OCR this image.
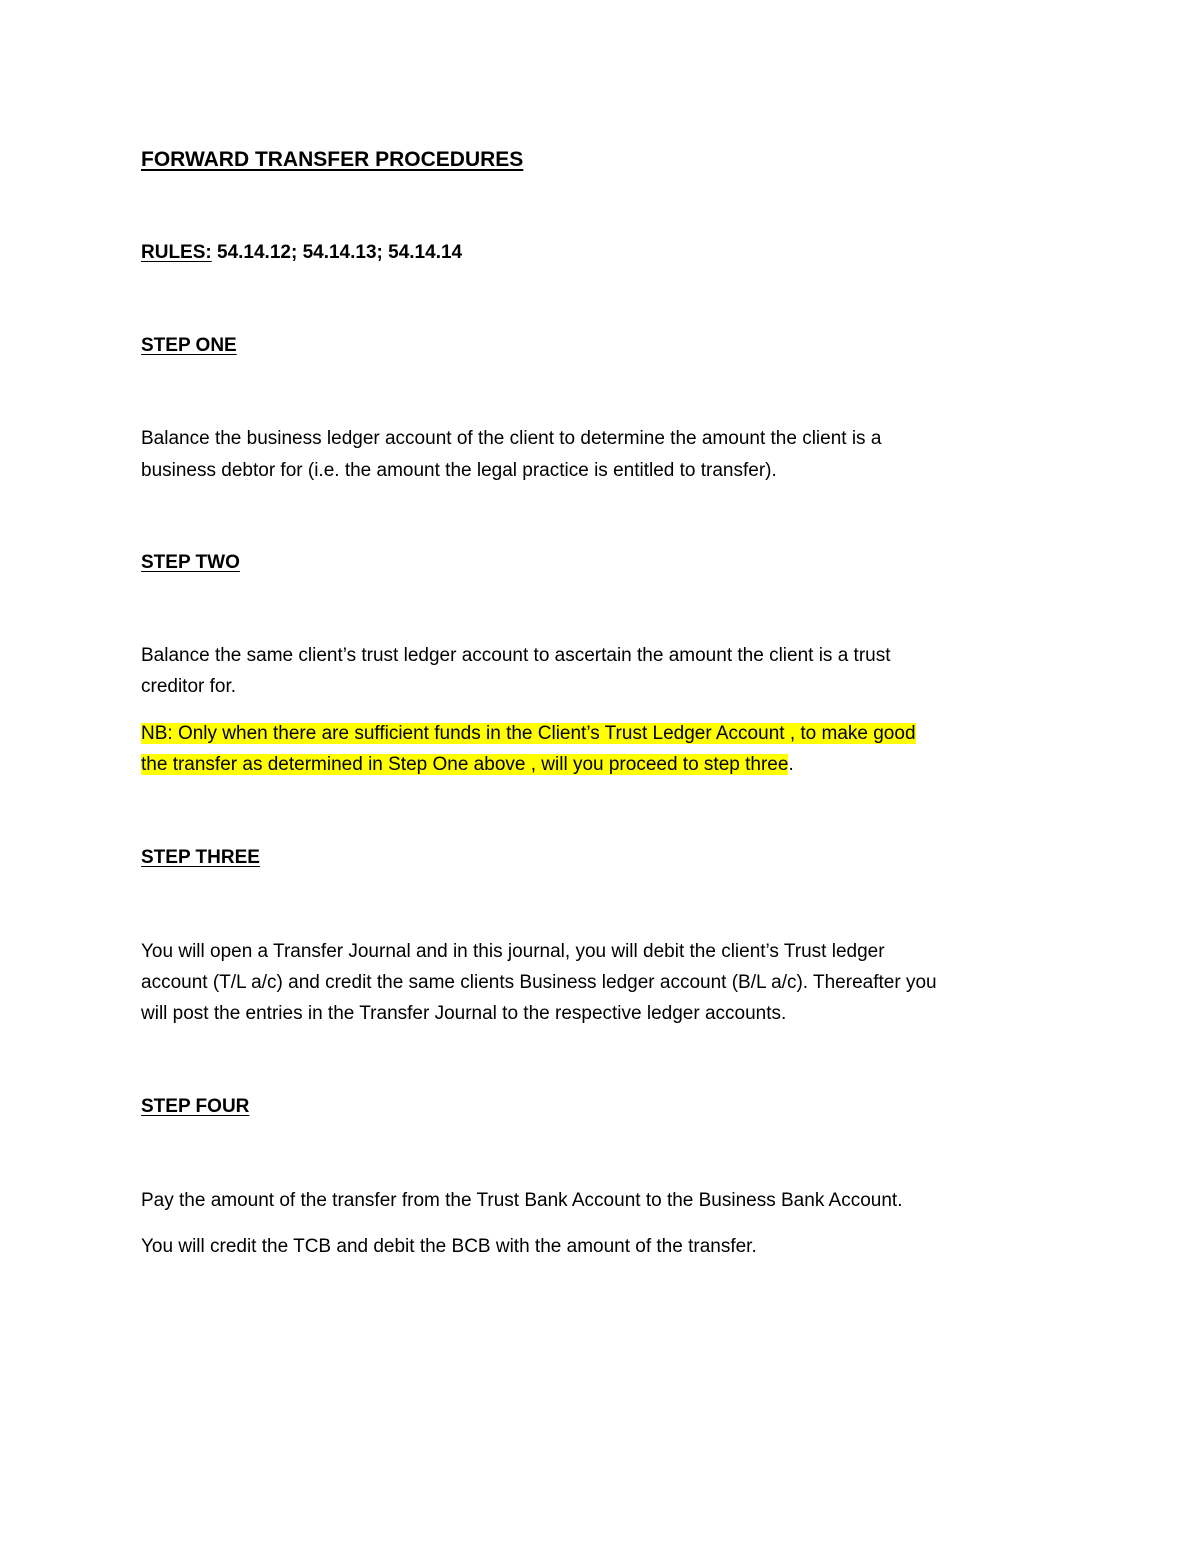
FORWARD TRANSFER PROCEDURES
RULES: 54.14.12; 54.14.13; 54.14.14
STEP ONE
Balance the business ledger account of the client to determine the amount the client is a
business debtor for (i.e. the amount the legal practice is entitled to transfer).
STEP TWO
Balance the same client’s trust ledger account to ascertain the amount the client is a trust
creditor for.
NB: Only when there are sufficient funds in the Client’s Trust Ledger Account , to make good
the transfer as determined in Step One above , will you proceed to step three.
STEP THREE
You will open a Transfer Journal and in this journal, you will debit the client’s Trust ledger
account (T/L a/c) and credit the same clients Business ledger account (B/L a/c). Thereafter you
will post the entries in the Transfer Journal to the respective ledger accounts.
STEP FOUR
Pay the amount of the transfer from the Trust Bank Account to the Business Bank Account.
You will credit the TCB and debit the BCB with the amount of the transfer.
